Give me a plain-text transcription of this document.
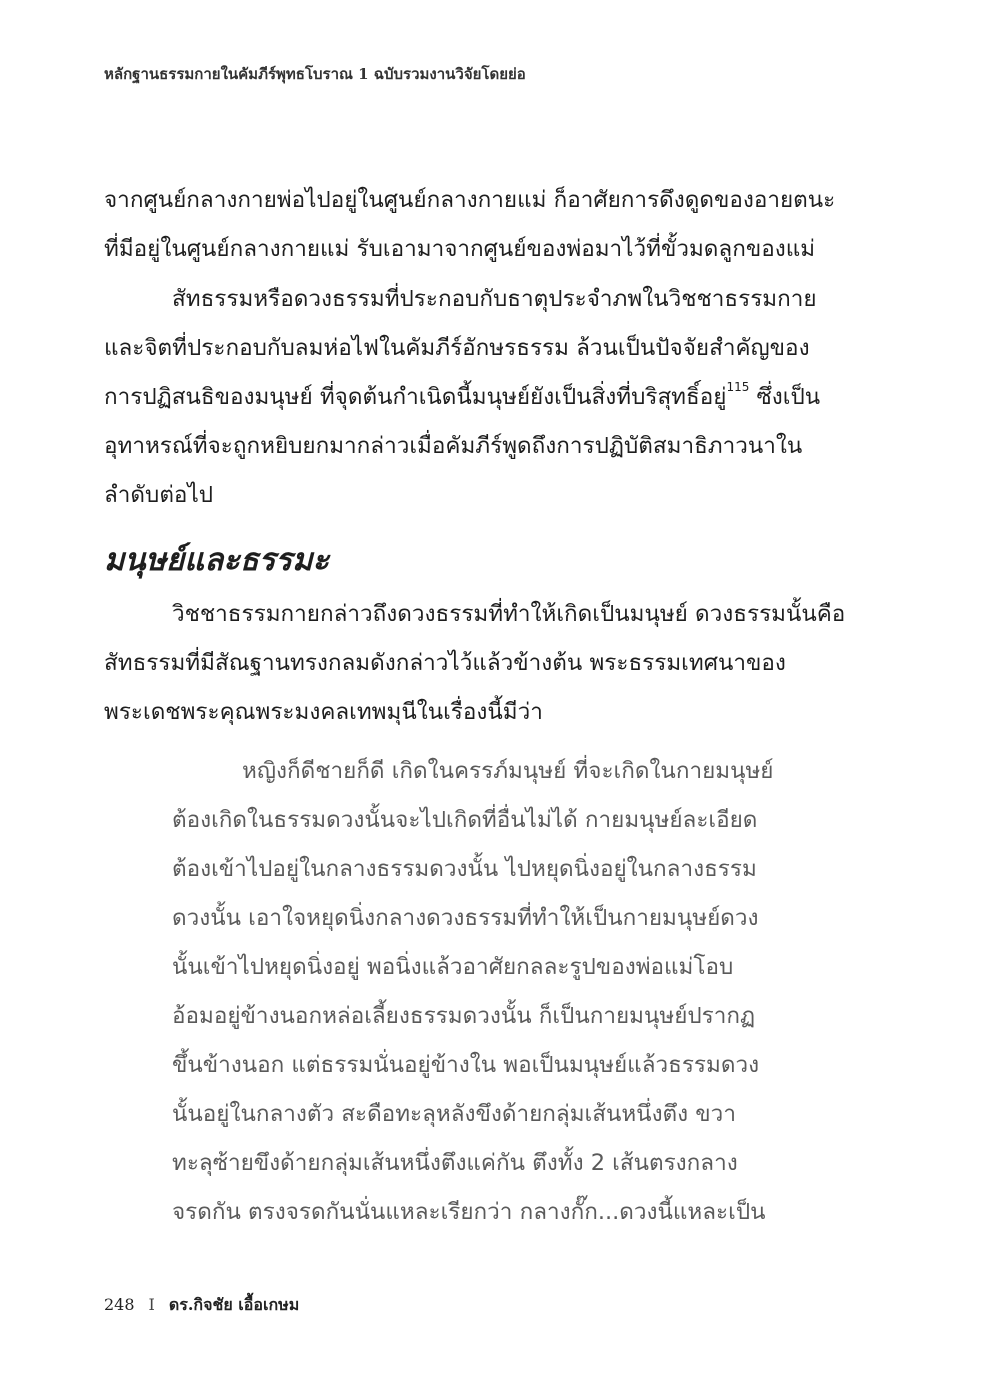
หลักฐานธรรมกายในคัมภีร์พุทธโบราณ 1 ฉบับรวมงานวิจัยโดยย่อ
จากศูนย์กลางกายพ่อไปอยู่ในศูนย์กลางกายแม่ ก็อาศัยการดึงดูดของอายตนะ
ที่มีอยู่ในศูนย์กลางกายแม่ รับเอามาจากศูนย์ของพ่อมาไว้ที่ขั้วมดลูกของแม่
สัทธรรมหรือดวงธรรมที่ประกอบกับธาตุประจำภพในวิชชาธรรมกาย
และจิตที่ประกอบกับลมห่อไฟในคัมภีร์อักษรธรรม ล้วนเป็นปัจจัยสำคัญของ
การปฏิสนธิของมนุษย์ ที่จุดต้นกำเนิดนี้มนุษย์ยังเป็นสิ่งที่บริสุทธิ์อยู่$^{115}$ ซึ่งเป็น
อุทาหรณ์ที่จะถูกหยิบยกมากล่าวเมื่อคัมภีร์พูดถึงการปฏิบัติสมาธิภาวนาใน
ลำดับต่อไป
มนุษย์และธรรมะ
วิชชาธรรมกายกล่าวถึงดวงธรรมที่ทำให้เกิดเป็นมนุษย์ ดวงธรรมนั้นคือ
สัทธรรมที่มีสัณฐานทรงกลมดังกล่าวไว้แล้วข้างต้น พระธรรมเทศนาของ
พระเดชพระคุณพระมงคลเทพมุนีในเรื่องนี้มีว่า
หญิงก็ดีชายก็ดี เกิดในครรภ์มนุษย์ ที่จะเกิดในกายมนุษย์
ต้องเกิดในธรรมดวงนั้นจะไปเกิดที่อื่นไม่ได้ กายมนุษย์ละเอียด
ต้องเข้าไปอยู่ในกลางธรรมดวงนั้น ไปหยุดนิ่งอยู่ในกลางธรรม
ดวงนั้น เอาใจหยุดนิ่งกลางดวงธรรมที่ทำให้เป็นกายมนุษย์ดวง
นั้นเข้าไปหยุดนิ่งอยู่ พอนิ่งแล้วอาศัยกลละรูปของพ่อแม่โอบ
อ้อมอยู่ข้างนอกหล่อเลี้ยงธรรมดวงนั้น ก็เป็นกายมนุษย์ปรากฏ
ขึ้นข้างนอก แต่ธรรมนั่นอยู่ข้างใน พอเป็นมนุษย์แล้วธรรมดวง
นั้นอยู่ในกลางตัว สะดือทะลุหลังขึงด้ายกลุ่มเส้นหนึ่งตึง ขวา
ทะลุซ้ายขึงด้ายกลุ่มเส้นหนึ่งตึงแค่กัน ตึงทั้ง 2 เส้นตรงกลาง
จรดกัน ตรงจรดกันนั่นแหละเรียกว่า กลางกั๊ก...ดวงนี้แหละเป็น
248 I ดร.กิจชัย เอื้อเกษม
